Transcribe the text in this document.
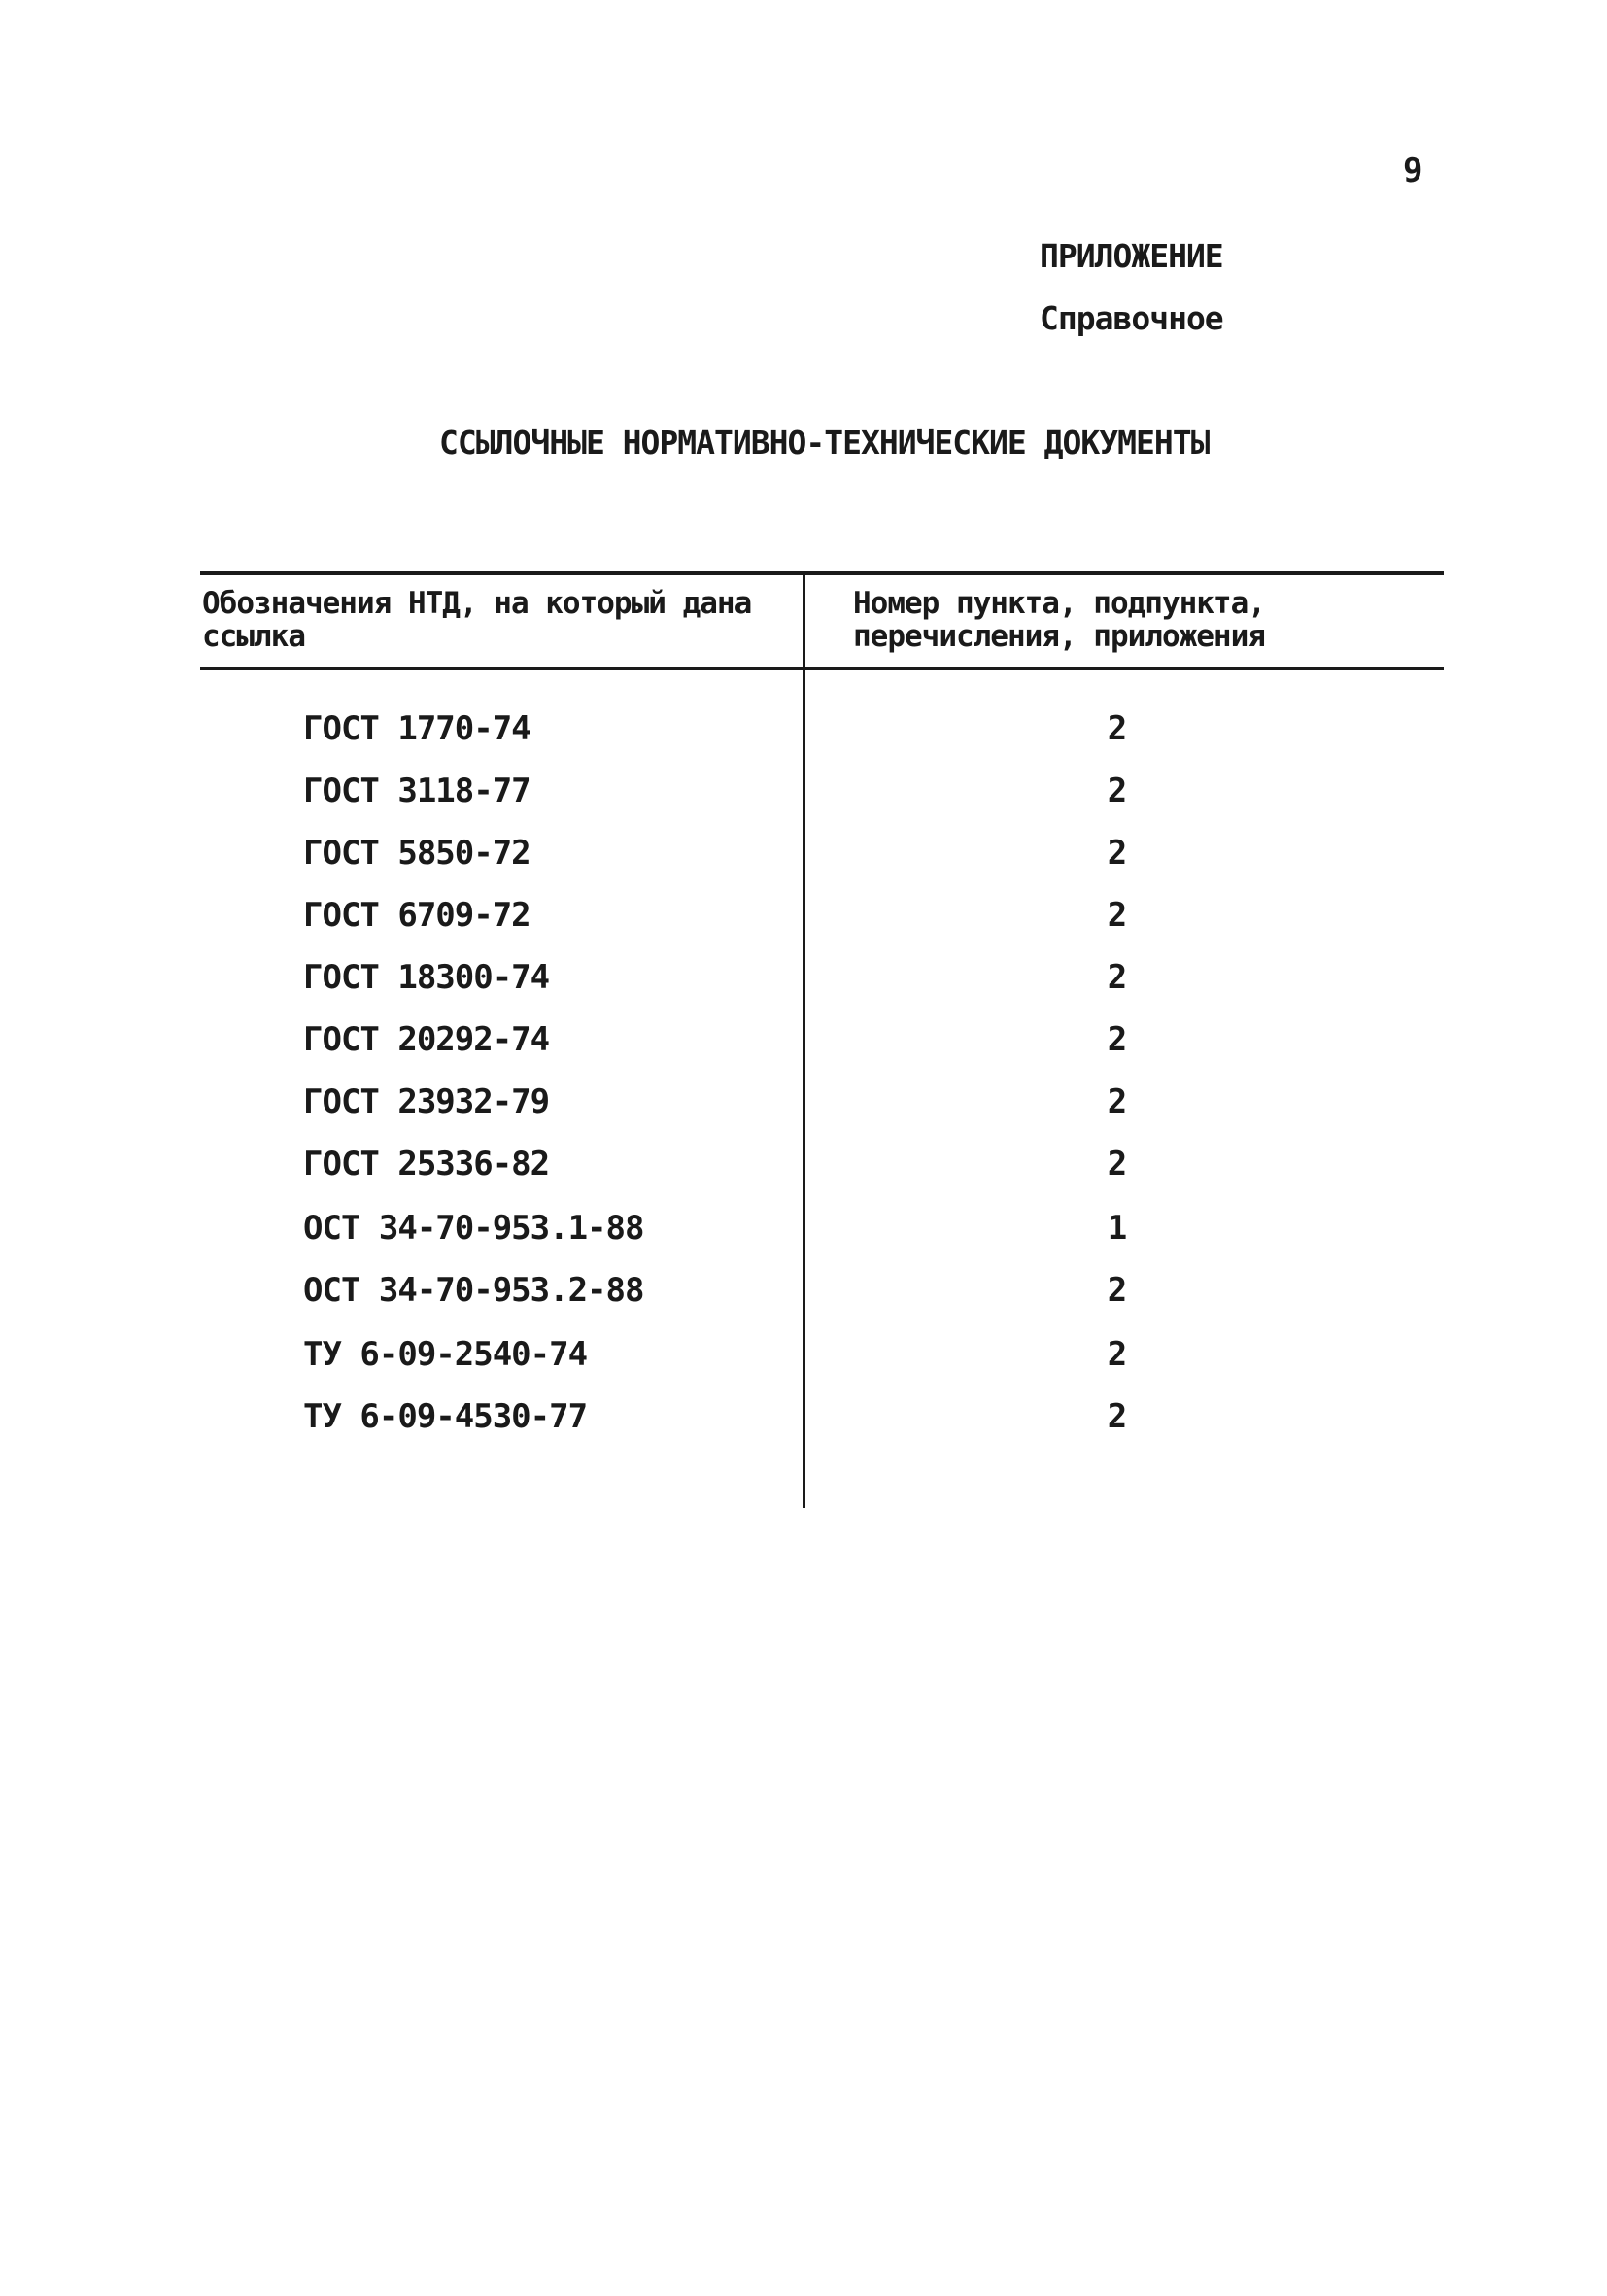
9
ПРИЛОЖЕНИЕ
Справочное
ССЫЛОЧНЫЕ НОРМАТИВНО-ТЕХНИЧЕСКИЕ ДОКУМЕНТЫ
Обозначения НТД, на который дана ссылка
Номер пункта, подпункта, перечисления, приложения
ГОСТ 1770-74	2
ГОСТ 3118-77	2
ГОСТ 5850-72	2
ГОСТ 6709-72	2
ГОСТ 18300-74	2
ГОСТ 20292-74	2
ГОСТ 23932-79	2
ГОСТ 25336-82	2
ОСТ 34-70-953.1-88	1
ОСТ 34-70-953.2-88	2
ТУ 6-09-2540-74	2
ТУ 6-09-4530-77	2
